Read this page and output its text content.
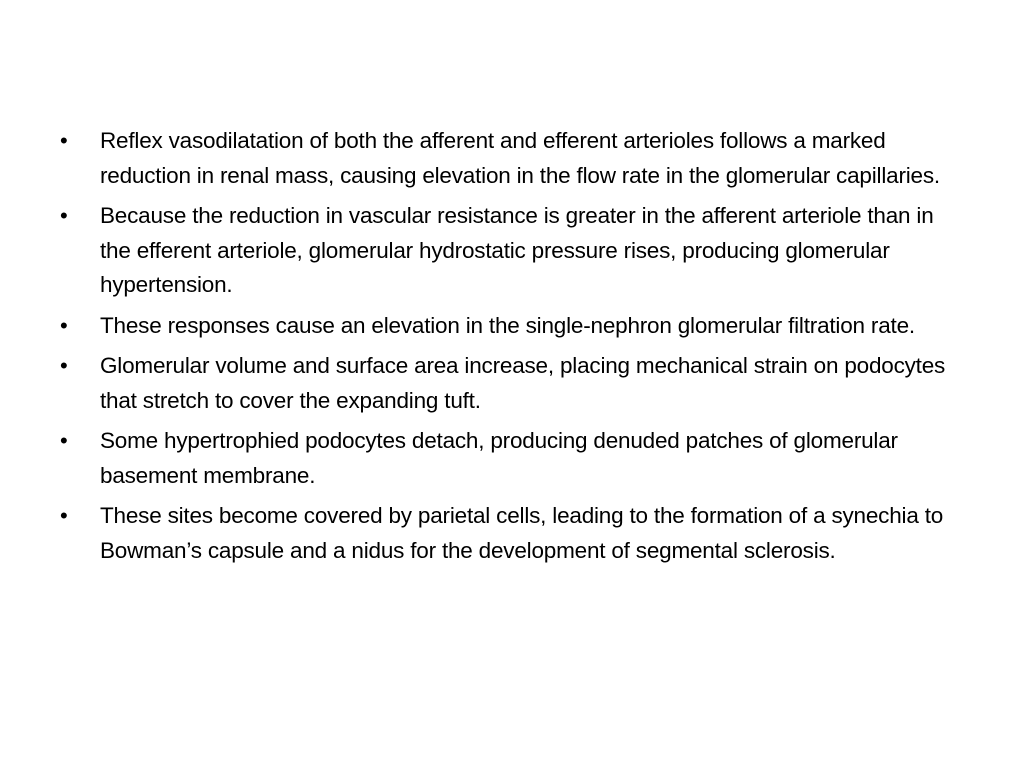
•	Reflex vasodilatation of both the afferent and efferent arterioles follows a marked reduction in renal mass, causing elevation in the flow rate in the glomerular capillaries.
•	Because the reduction in vascular resistance is greater in the afferent arteriole than in the efferent arteriole, glomerular hydrostatic pressure rises, producing glomerular hypertension.
•	These responses cause an elevation in the single-nephron glomerular filtration rate.
•	Glomerular volume and surface area increase, placing mechanical strain on podocytes that stretch to cover the expanding tuft.
•	Some hypertrophied podocytes detach, producing denuded patches of glomerular basement membrane.
•	These sites become covered by parietal cells, leading to the formation of a synechia to Bowman’s capsule and a nidus for the development of segmental sclerosis.
